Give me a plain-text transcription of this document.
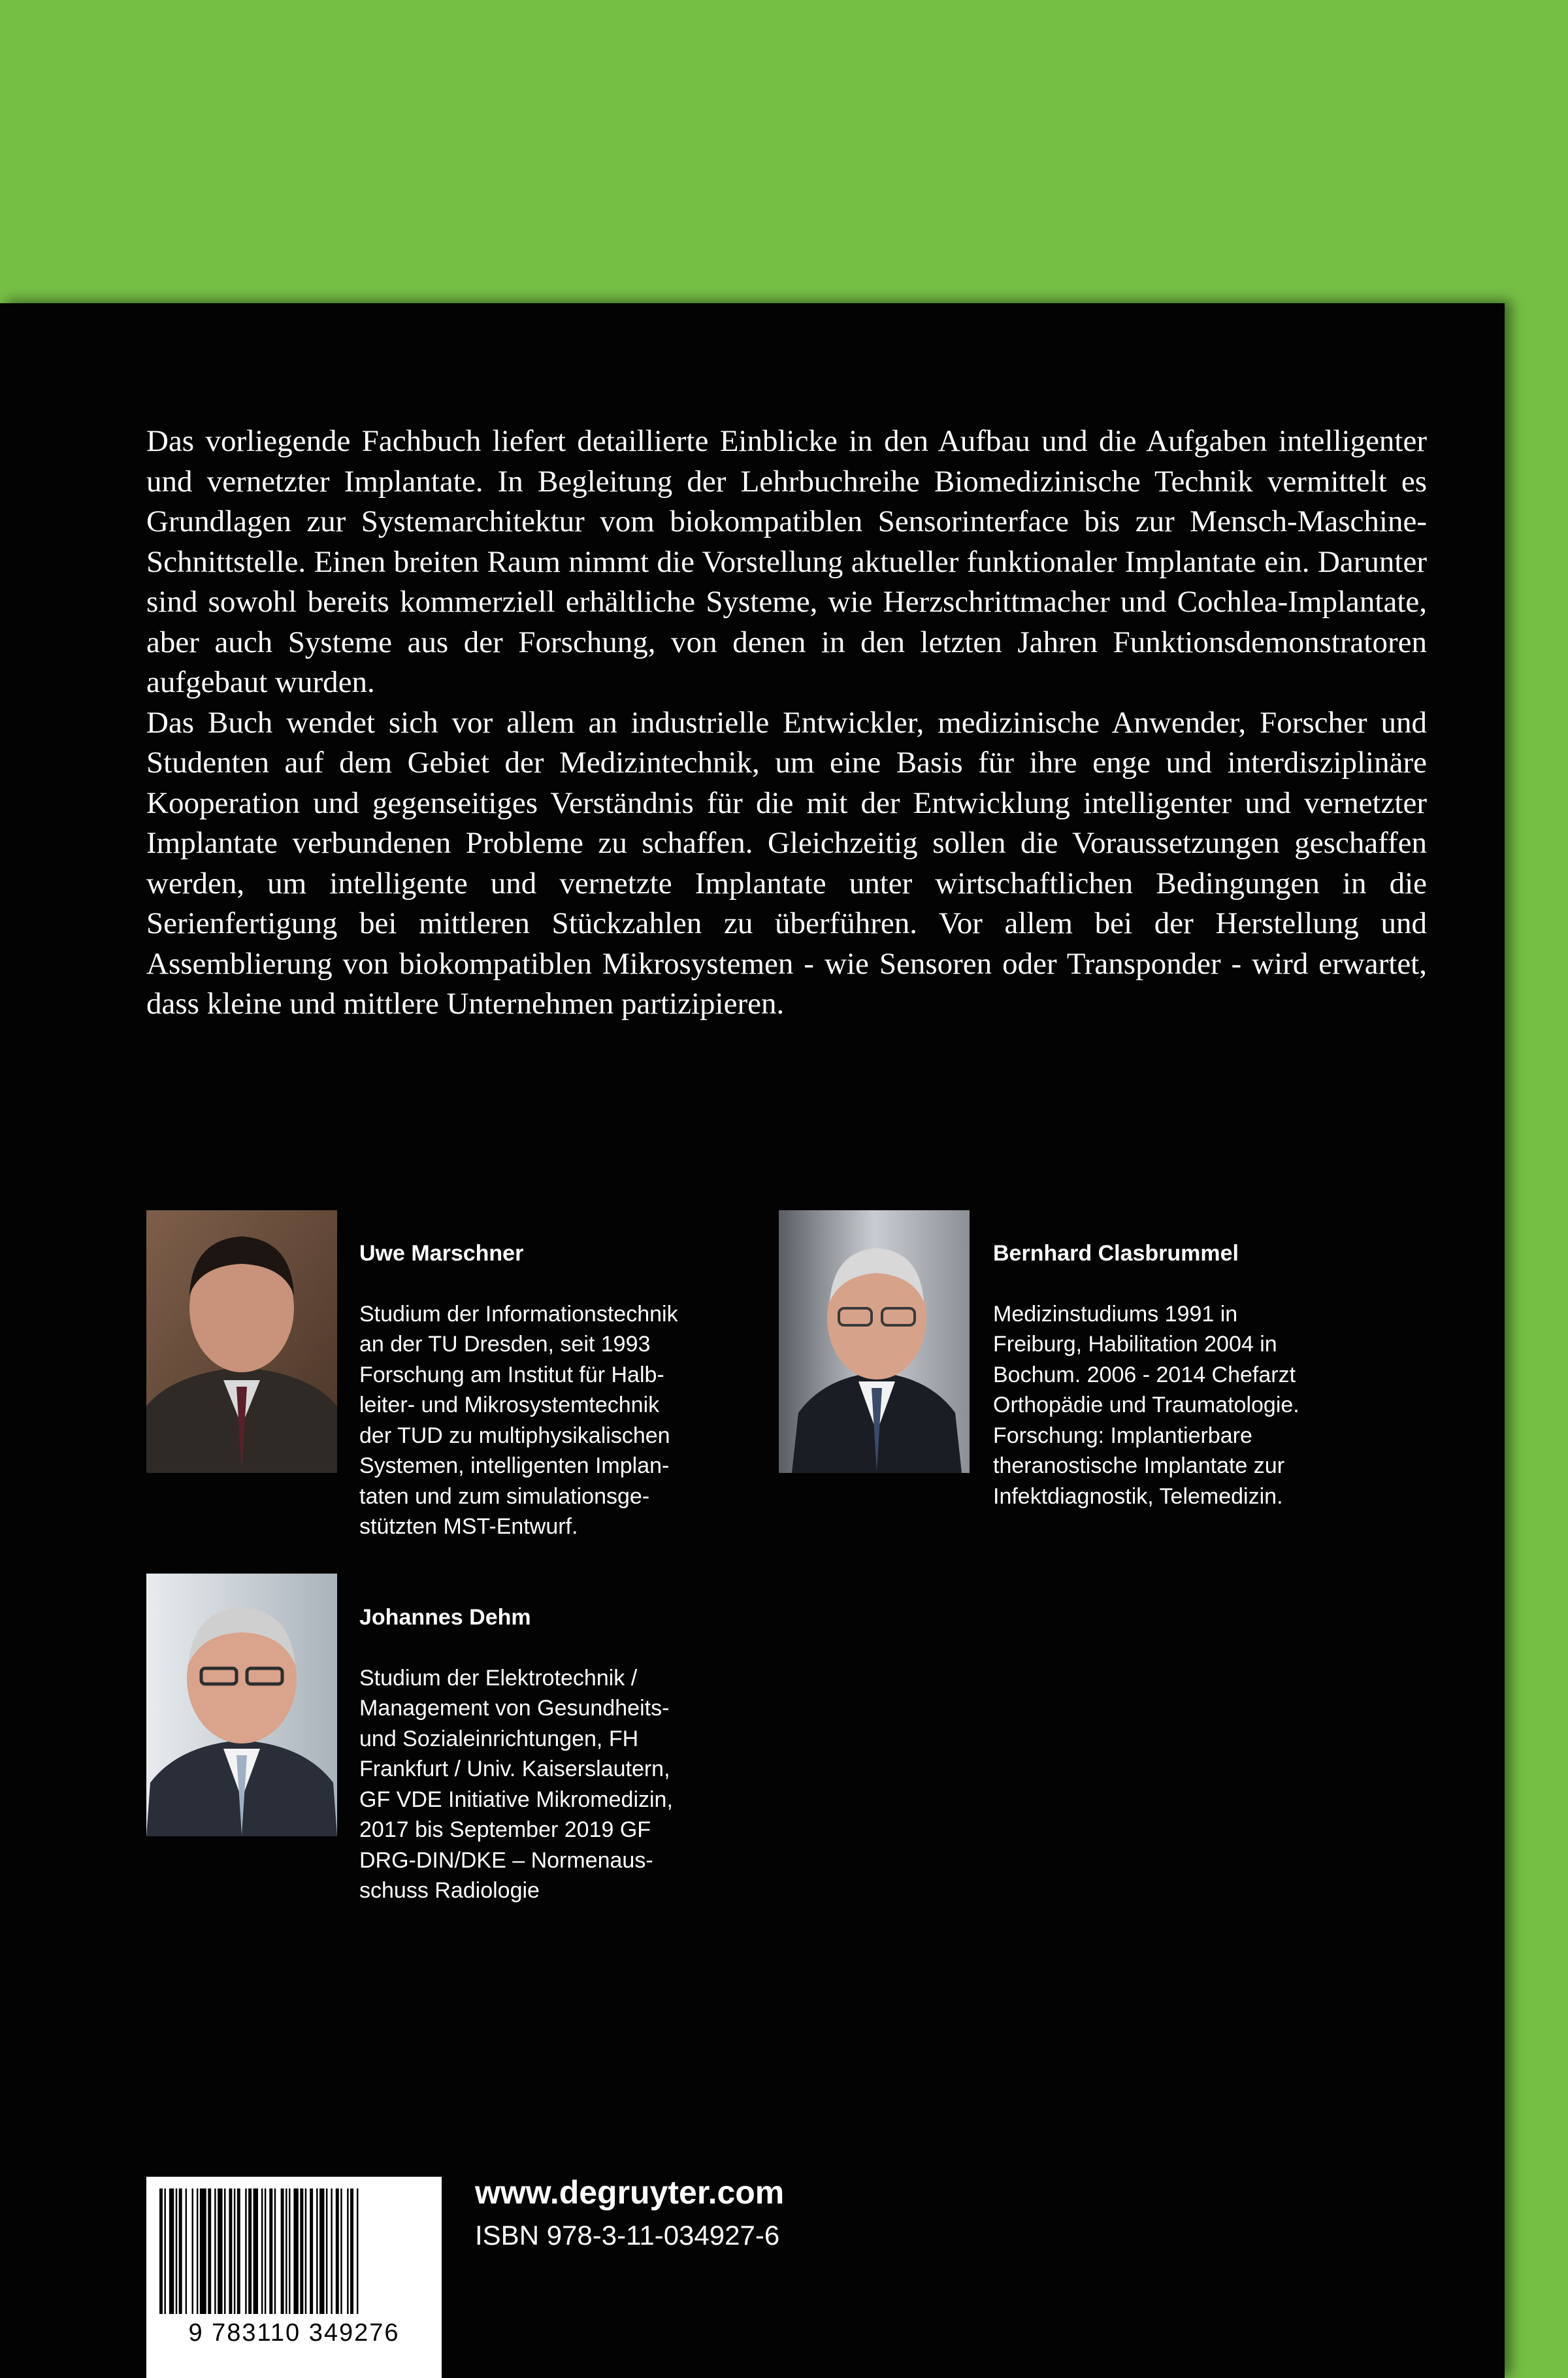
Das vorliegende Fachbuch liefert detaillierte Einblicke in den Aufbau und die Aufgaben intelligenter und vernetzter Implantate. In Begleitung der Lehrbuchreihe Biomedizinische Technik vermittelt es Grundlagen zur Systemarchitektur vom biokompatiblen Sensorinterface bis zur Mensch-Maschine-Schnittstelle. Einen breiten Raum nimmt die Vorstellung aktueller funktionaler Implantate ein. Darunter sind sowohl bereits kommerziell erhältliche Systeme, wie Herzschrittmacher und Cochlea-Implantate, aber auch Systeme aus der Forschung, von denen in den letzten Jahren Funktionsdemonstratoren aufgebaut wurden.

Das Buch wendet sich vor allem an industrielle Entwickler, medizinische Anwender, Forscher und Studenten auf dem Gebiet der Medizintechnik, um eine Basis für ihre enge und interdisziplinäre Kooperation und gegenseitiges Verständnis für die mit der Entwicklung intelligenter und vernetzter Implantate verbundenen Probleme zu schaffen. Gleichzeitig sollen die Voraussetzungen geschaffen werden, um intelligente und vernetzte Implantate unter wirtschaftlichen Bedingungen in die Serienfertigung bei mittleren Stückzahlen zu überführen. Vor allem bei der Herstellung und Assemblierung von biokompatiblen Mikrosystemen - wie Sensoren oder Transponder - wird erwartet, dass kleine und mittlere Unternehmen partizipieren.

Uwe Marschner

Studium der Informationstechnik
an der TU Dresden, seit 1993
Forschung am Institut für Halb-
leiter- und Mikrosystemtechnik
der TUD zu multiphysikalischen
Systemen, intelligenten Implan-
taten und zum simulationsge-
stützten MST-Entwurf.

Bernhard Clasbrummel

Medizinstudiums 1991 in
Freiburg, Habilitation 2004 in
Bochum. 2006 - 2014 Chefarzt
Orthopädie und Traumatologie.
Forschung: Implantierbare
theranostische Implantate zur
Infektdiagnostik, Telemedizin.

Johannes Dehm

Studium der Elektrotechnik /
Management von Gesundheits-
und Sozialeinrichtungen, FH
Frankfurt / Univ. Kaiserslautern,
GF VDE Initiative Mikromedizin,
2017 bis September 2019 GF
DRG-DIN/DKE – Normenaus-
schuss Radiologie

9 783110 349276
www.degruyter.com
ISBN 978-3-11-034927-6
